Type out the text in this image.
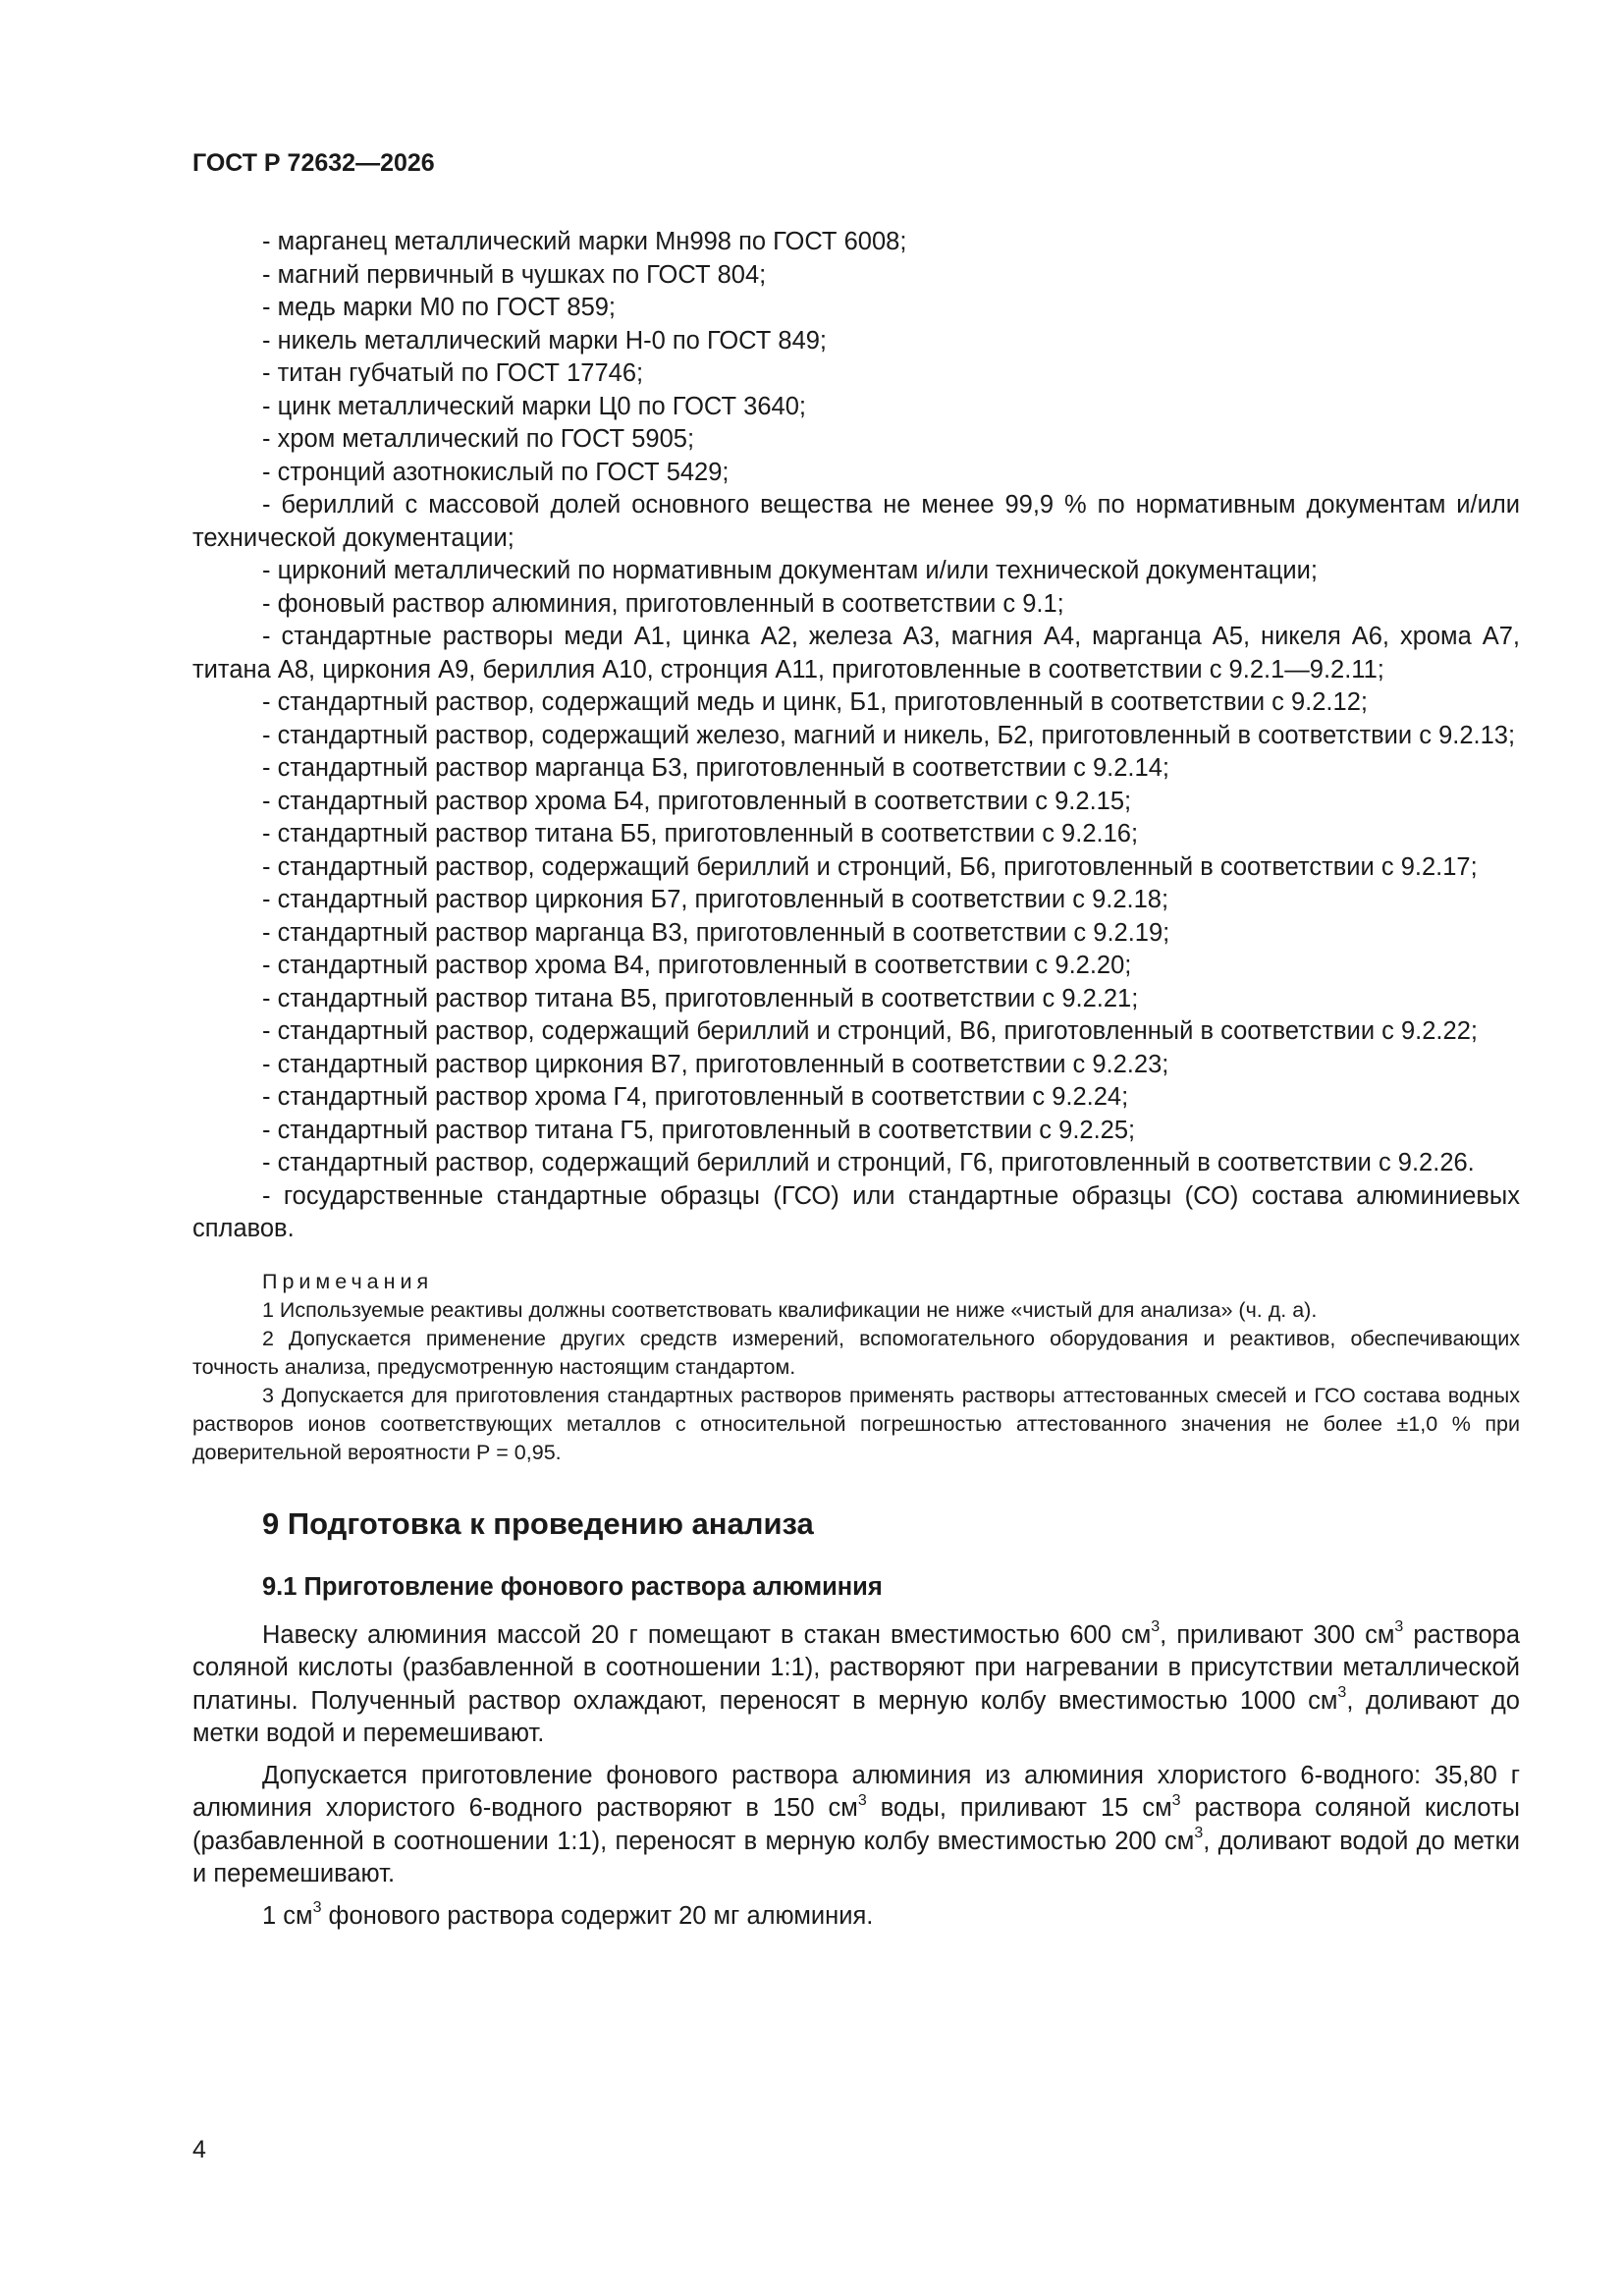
ГОСТ Р 72632—2026

- марганец металлический марки Мн998 по ГОСТ 6008;

- магний первичный в чушках по ГОСТ 804;

- медь марки М0 по ГОСТ 859;

- никель металлический марки Н-0 по ГОСТ 849;

- титан губчатый по ГОСТ 17746;

- цинк металлический марки Ц0 по ГОСТ 3640;

- хром металлический по ГОСТ 5905;

- стронций азотнокислый по ГОСТ 5429;

- бериллий с массовой долей основного вещества не менее 99,9 % по нормативным документам и/или технической документации;

- цирконий металлический по нормативным документам и/или технической документации;

- фоновый раствор алюминия, приготовленный в соответствии с 9.1;

- стандартные растворы меди А1, цинка А2, железа А3, магния А4, марганца А5, никеля А6, хрома А7, титана А8, циркония А9, бериллия А10, стронция А11, приготовленные в соответствии с 9.2.1—9.2.11;

- стандартный раствор, содержащий медь и цинк, Б1, приготовленный в соответствии с 9.2.12;

- стандартный раствор, содержащий железо, магний и никель, Б2, приготовленный в соответствии с 9.2.13;

- стандартный раствор марганца Б3, приготовленный в соответствии с 9.2.14;

- стандартный раствор хрома Б4, приготовленный в соответствии с 9.2.15;

- стандартный раствор титана Б5, приготовленный в соответствии с 9.2.16;

- стандартный раствор, содержащий бериллий и стронций, Б6, приготовленный в соответствии с 9.2.17;

- стандартный раствор циркония Б7, приготовленный в соответствии с 9.2.18;

- стандартный раствор марганца В3, приготовленный в соответствии с 9.2.19;

- стандартный раствор хрома В4, приготовленный в соответствии с 9.2.20;

- стандартный раствор титана В5, приготовленный в соответствии с 9.2.21;

- стандартный раствор, содержащий бериллий и стронций, В6, приготовленный в соответствии с 9.2.22;

- стандартный раствор циркония В7, приготовленный в соответствии с 9.2.23;

- стандартный раствор хрома Г4, приготовленный в соответствии с 9.2.24;

- стандартный раствор титана Г5, приготовленный в соответствии с 9.2.25;

- стандартный раствор, содержащий бериллий и стронций, Г6, приготовленный в соответствии с 9.2.26.

- государственные стандартные образцы (ГСО) или стандартные образцы (СО) состава алюминиевых сплавов.

Примечания

1 Используемые реактивы должны соответствовать квалификации не ниже «чистый для анализа» (ч. д. а).

2 Допускается применение других средств измерений, вспомогательного оборудования и реактивов, обеспечивающих точность анализа, предусмотренную настоящим стандартом.

3 Допускается для приготовления стандартных растворов применять растворы аттестованных смесей и ГСО состава водных растворов ионов соответствующих металлов с относительной погрешностью аттестованного значения не более ±1,0 % при доверительной вероятности Р = 0,95.

9 Подготовка к проведению анализа
9.1 Приготовление фонового раствора алюминия

Навеску алюминия массой 20 г помещают в стакан вместимостью 600 $см^3$, приливают 300 $см^3$ раствора соляной кислоты (разбавленной в соотношении 1:1), растворяют при нагревании в присутствии металлической платины. Полученный раствор охлаждают, переносят в мерную колбу вместимостью 1000 $см^3$, доливают до метки водой и перемешивают.

Допускается приготовление фонового раствора алюминия из алюминия хлористого 6-водного: 35,80 г алюминия хлористого 6-водного растворяют в 150 $см^3$ воды, приливают 15 $см^3$ раствора соляной кислоты (разбавленной в соотношении 1:1), переносят в мерную колбу вместимостью 200 $см^3$, доливают водой до метки и перемешивают.

1 $см^3$ фонового раствора содержит 20 мг алюминия.

4
